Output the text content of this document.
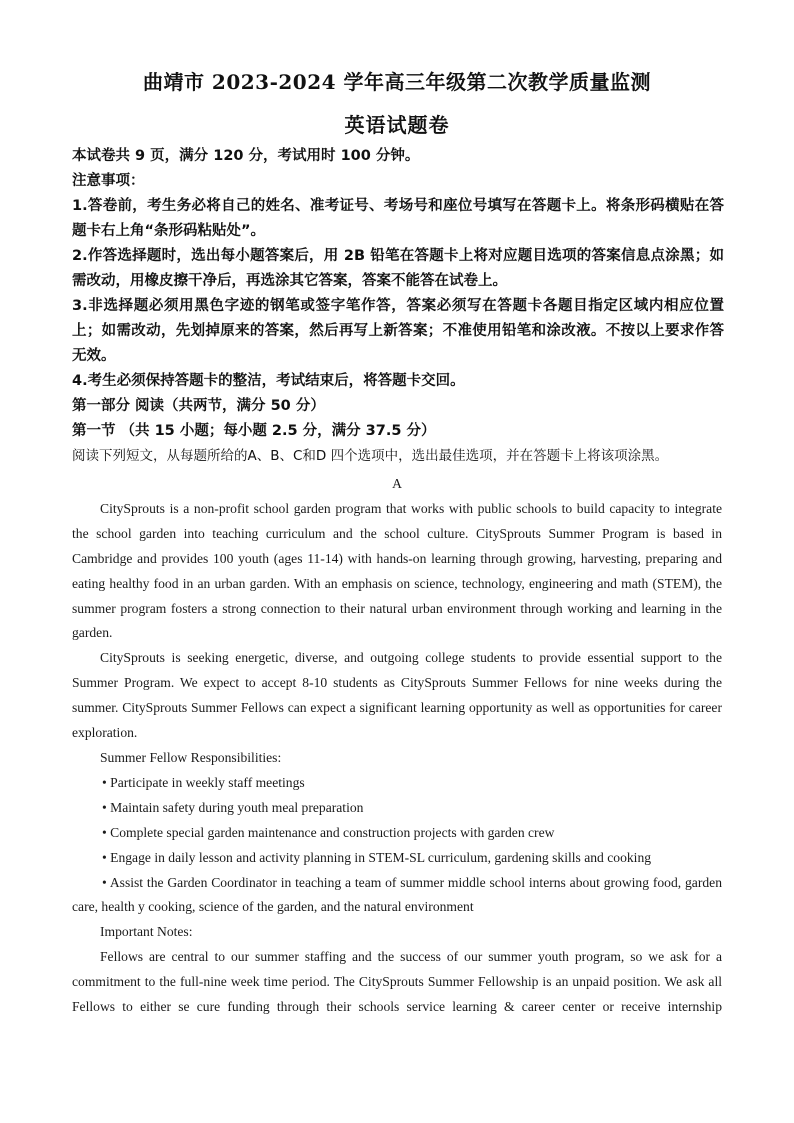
曲靖市 2023-2024 学年高三年级第二次教学质量监测
英语试题卷

本试卷共 9 页，满分 120 分，考试用时 100 分钟。

注意事项：

1.答卷前，考生务必将自己的姓名、准考证号、考场号和座位号填写在答题卡上。将条形码横贴在答题卡右上角“条形码粘贴处”。

2.作答选择题时，选出每小题答案后，用 2B 铅笔在答题卡上将对应题目选项的答案信息点涂黑；如需改动，用橡皮擦干净后，再选涂其它答案，答案不能答在试卷上。

3.非选择题必须用黑色字迹的钢笔或签字笔作答，答案必须写在答题卡各题目指定区域内相应位置上；如需改动，先划掉原来的答案，然后再写上新答案；不准使用铅笔和涂改液。不按以上要求作答无效。

4.考生必须保持答题卡的整洁，考试结束后，将答题卡交回。

第一部分 阅读（共两节，满分 50 分）

第一节 （共 15 小题；每小题 2.5 分，满分 37.5 分）

阅读下列短文，从每题所给的A、B、C和D 四个选项中，选出最佳选项，并在答题卡上将该项涂黑。

A

CitySprouts is a non-profit school garden program that works with public schools to build capacity to integrate the school garden into teaching curriculum and the school culture. CitySprouts Summer Program is based in Cambridge and provides 100 youth (ages 11-14) with hands-on learning through growing, harvesting, preparing and eating healthy food in an urban garden. With an emphasis on science, technology, engineering and math (STEM), the summer program fosters a strong connection to their natural urban environment through working and learning in the garden.

CitySprouts is seeking energetic, diverse, and outgoing college students to provide essential support to the Summer Program. We expect to accept 8-10 students as CitySprouts Summer Fellows for nine weeks during the summer. CitySprouts Summer Fellows can expect a significant learning opportunity as well as opportunities for career exploration.

Summer Fellow Responsibilities:

• Participate in weekly staff meetings

• Maintain safety during youth meal preparation

• Complete special garden maintenance and construction projects with garden crew

• Engage in daily lesson and activity planning in STEM-SL curriculum, gardening skills and cooking

• Assist the Garden Coordinator in teaching a team of summer middle school interns about growing food, garden care, health y cooking, science of the garden, and the natural environment

Important Notes:

Fellows are central to our summer staffing and the success of our summer youth program, so we ask for a commitment to the full-nine week time period. The CitySprouts Summer Fellowship is an unpaid position. We ask all Fellows to either se cure funding through their schools service learning & career center or receive internship
